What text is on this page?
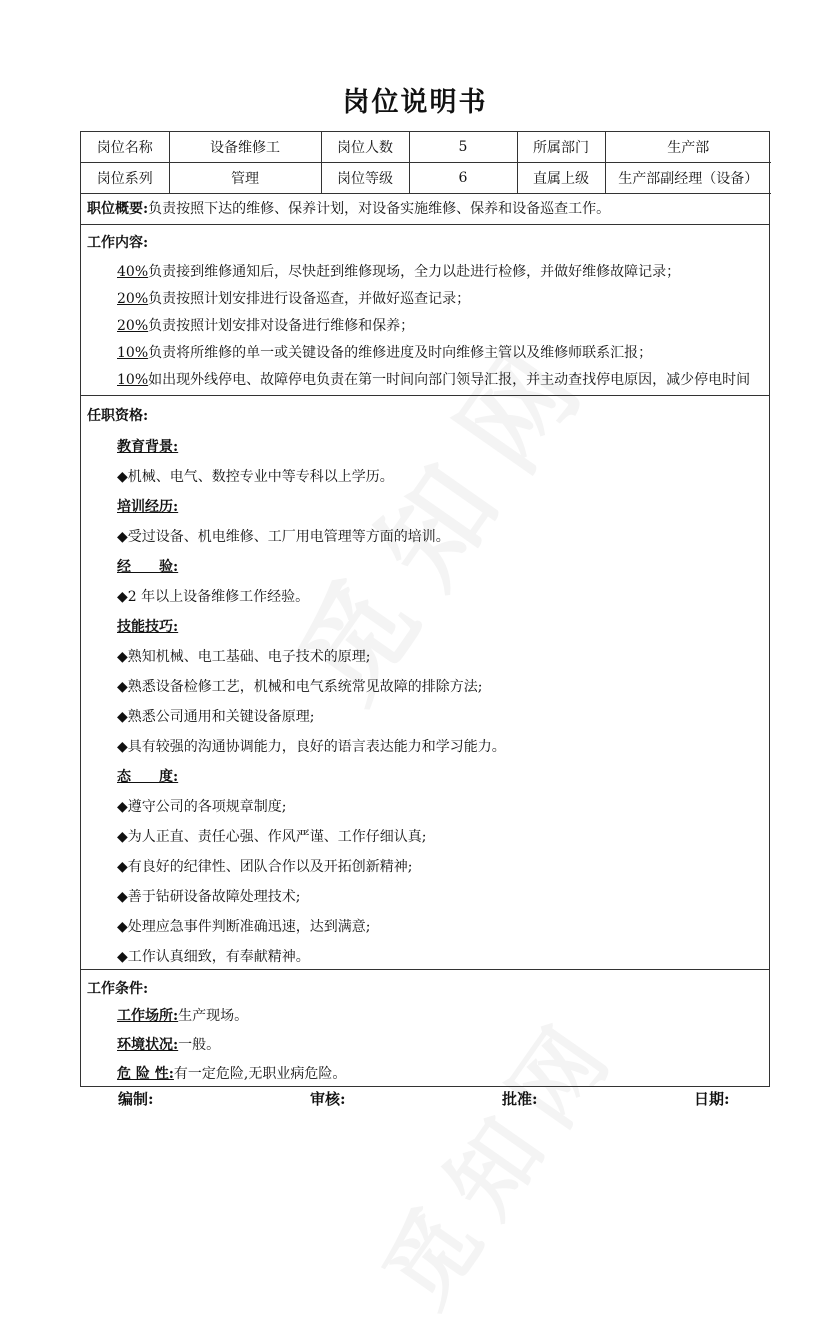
岗位说明书
岗位名称	设备维修工	岗位人数	5	所属部门	生产部
岗位系列	管理	岗位等级	6	直属上级	生产部副经理（设备）
职位概要:负责按照下达的维修、保养计划，对设备实施维修、保养和设备巡查工作。
工作内容:
40%负责接到维修通知后，尽快赶到维修现场，全力以赴进行检修，并做好维修故障记录；
20%负责按照计划安排进行设备巡查，并做好巡查记录；
20%负责按照计划安排对设备进行维修和保养；
10%负责将所维修的单一或关键设备的维修进度及时向维修主管以及维修师联系汇报；
10%如出现外线停电、故障停电负责在第一时间向部门领导汇报，并主动查找停电原因，减少停电时间
任职资格:
教育背景:
◆机械、电气、数控专业中等专科以上学历。
培训经历:
◆受过设备、机电维修、工厂用电管理等方面的培训。
经　　验:
◆2 年以上设备维修工作经验。
技能技巧:
◆熟知机械、电工基础、电子技术的原理;
◆熟悉设备检修工艺，机械和电气系统常见故障的排除方法;
◆熟悉公司通用和关键设备原理;
◆具有较强的沟通协调能力，良好的语言表达能力和学习能力。
态　　度:
◆遵守公司的各项规章制度;
◆为人正直、责任心强、作风严谨、工作仔细认真;
◆有良好的纪律性、团队合作以及开拓创新精神;
◆善于钻研设备故障处理技术;
◆处理应急事件判断准确迅速，达到满意;
◆工作认真细致，有奉献精神。
工作条件:
工作场所:生产现场。
环境状况:一般。
危 险 性:有一定危险,无职业病危险。
编制:	审核:	批准:	日期:
